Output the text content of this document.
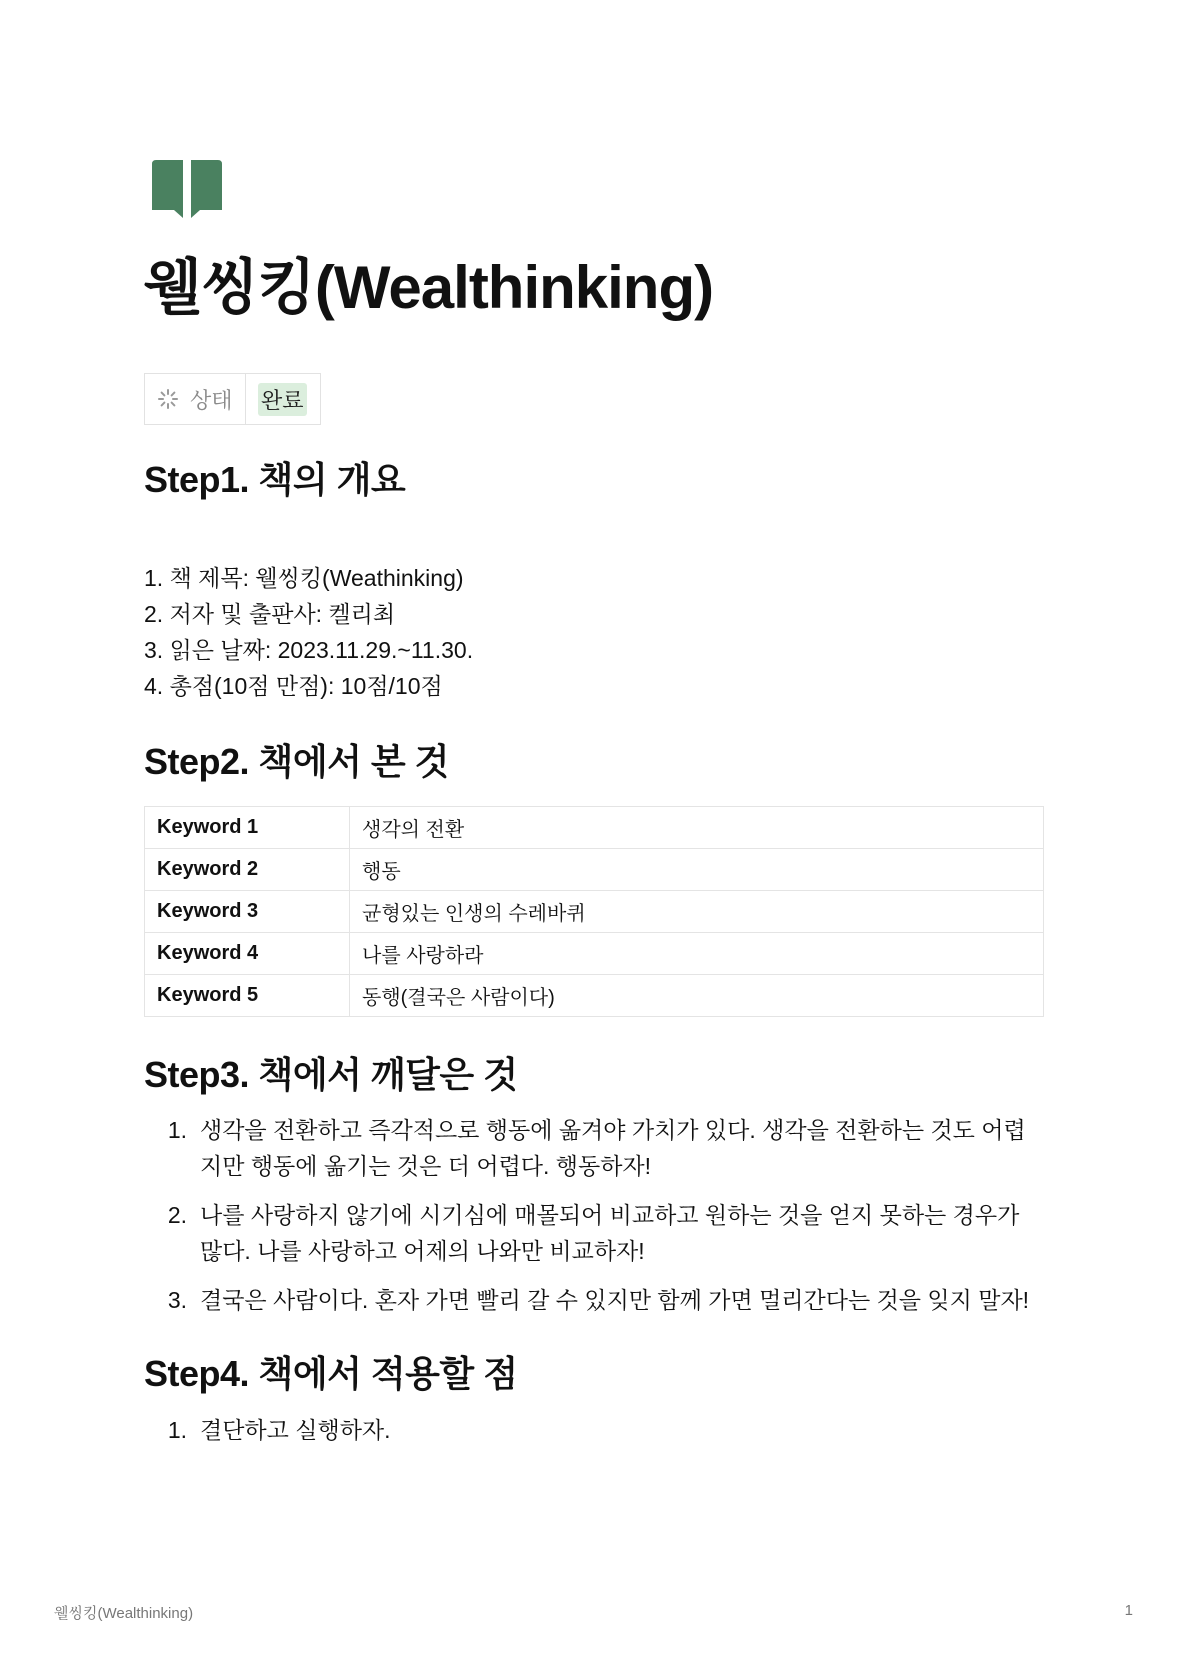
웰씽킹(Wealthinking)
상태 완료
Step1. 책의 개요
1. 책 제목: 웰씽킹(Weathinking)
2. 저자 및 출판사: 켈리최
3. 읽은 날짜: 2023.11.29.~11.30.
4. 총점(10점 만점): 10점/10점
Step2. 책에서 본 것
Keyword 1	생각의 전환
Keyword 2	행동
Keyword 3	균형있는 인생의 수레바퀴
Keyword 4	나를 사랑하라
Keyword 5	동행(결국은 사람이다)
Step3. 책에서 깨달은 것
1. 생각을 전환하고 즉각적으로 행동에 옮겨야 가치가 있다. 생각을 전환하는 것도 어렵지만 행동에 옮기는 것은 더 어렵다. 행동하자!
2. 나를 사랑하지 않기에 시기심에 매몰되어 비교하고 원하는 것을 얻지 못하는 경우가 많다. 나를 사랑하고 어제의 나와만 비교하자!
3. 결국은 사람이다. 혼자 가면 빨리 갈 수 있지만 함께 가면 멀리간다는 것을 잊지 말자!
Step4. 책에서 적용할 점
1. 결단하고 실행하자.
웰씽킹(Wealthinking)	1
